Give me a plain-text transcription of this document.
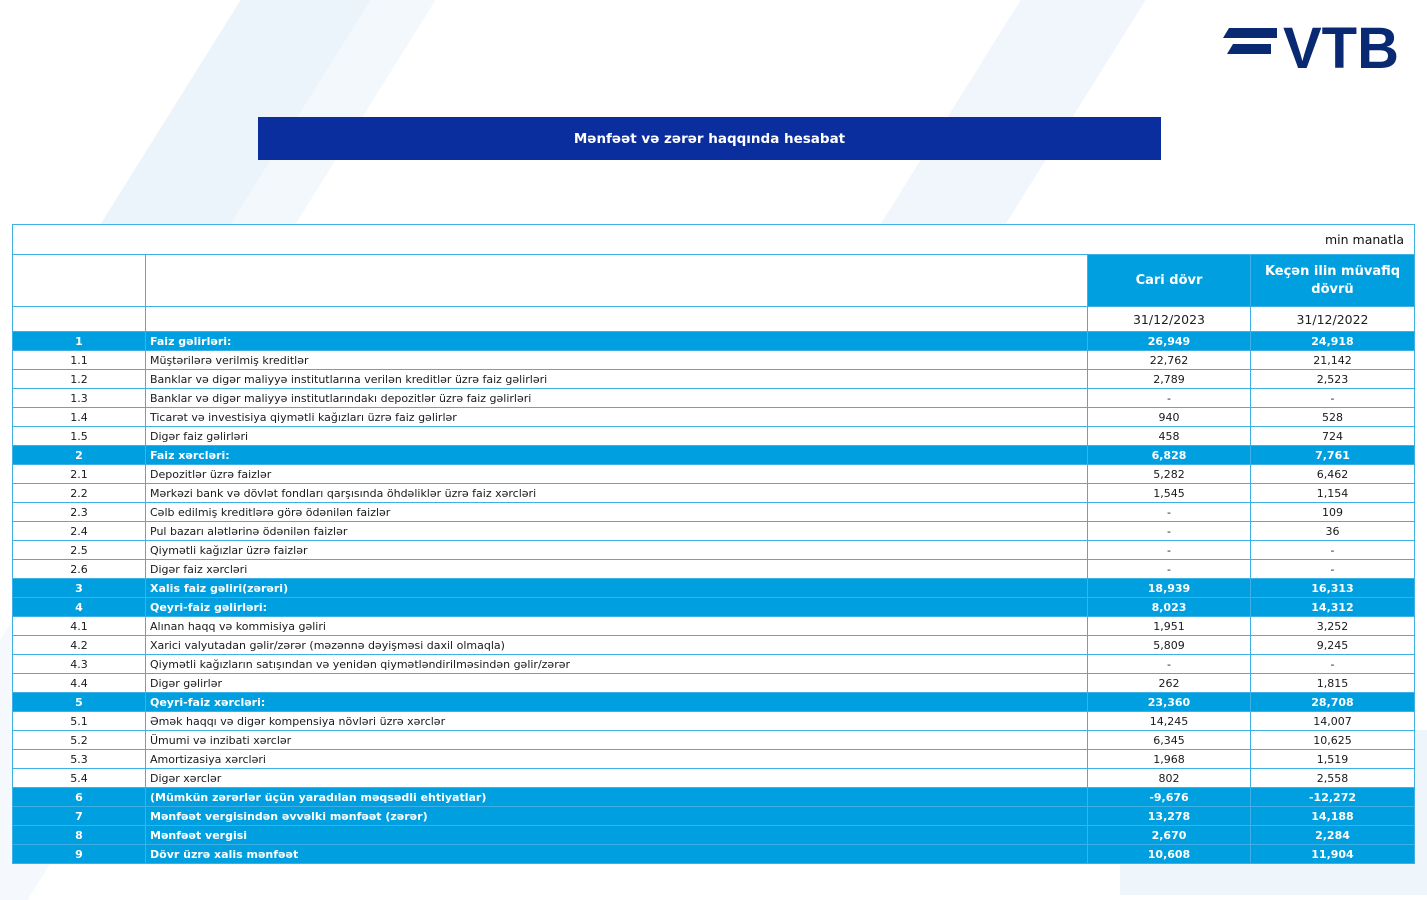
VTB
Mənfəət və zərər haqqında hesabat
min manatla			
		Cari dövr	Keçən ilin müvafiq dövrü
		31/12/2023	31/12/2022
1	Faiz gəlirləri:	26,949	24,918
1.1	Müştərilərə verilmiş kreditlər	22,762	21,142
1.2	Banklar və digər maliyyə institutlarına verilən kreditlər üzrə faiz gəlirləri	2,789	2,523
1.3	Banklar və digər maliyyə institutlarındakı depozitlər üzrə faiz gəlirləri	-	-
1.4	Ticarət və investisiya qiymətli kağızları üzrə faiz gəlirlər	940	528
1.5	Digər faiz gəlirləri	458	724
2	Faiz xərcləri:	6,828	7,761
2.1	Depozitlər üzrə faizlər	5,282	6,462
2.2	Mərkəzi bank və dövlət fondları qarşısında öhdəliklər üzrə faiz xərcləri	1,545	1,154
2.3	Cəlb edilmiş kreditlərə görə ödənilən faizlər	-	109
2.4	Pul bazarı alətlərinə ödənilən faizlər	-	36
2.5	Qiymətli kağızlar üzrə faizlər	-	-
2.6	Digər faiz xərcləri	-	-
3	Xalis faiz gəliri(zərəri)	18,939	16,313
4	Qeyri-faiz gəlirləri:	8,023	14,312
4.1	Alınan haqq və kommisiya gəliri	1,951	3,252
4.2	Xarici valyutadan gəlir/zərər (məzənnə dəyişməsi daxil olmaqla)	5,809	9,245
4.3	Qiymətli kağızların satışından və yenidən qiymətləndirilməsindən gəlir/zərər	-	-
4.4	Digər gəlirlər	262	1,815
5	Qeyri-faiz xərcləri:	23,360	28,708
5.1	Əmək haqqı və digər kompensiya növləri üzrə xərclər	14,245	14,007
5.2	Ümumi və inzibati xərclər	6,345	10,625
5.3	Amortizasiya xərcləri	1,968	1,519
5.4	Digər xərclər	802	2,558
6	(Mümkün zərərlər üçün yaradılan məqsədli ehtiyatlar)	-9,676	-12,272
7	Mənfəət vergisindən əvvəlki mənfəət (zərər)	13,278	14,188
8	Mənfəət vergisi	2,670	2,284
9	Dövr üzrə xalis mənfəət	10,608	11,904
